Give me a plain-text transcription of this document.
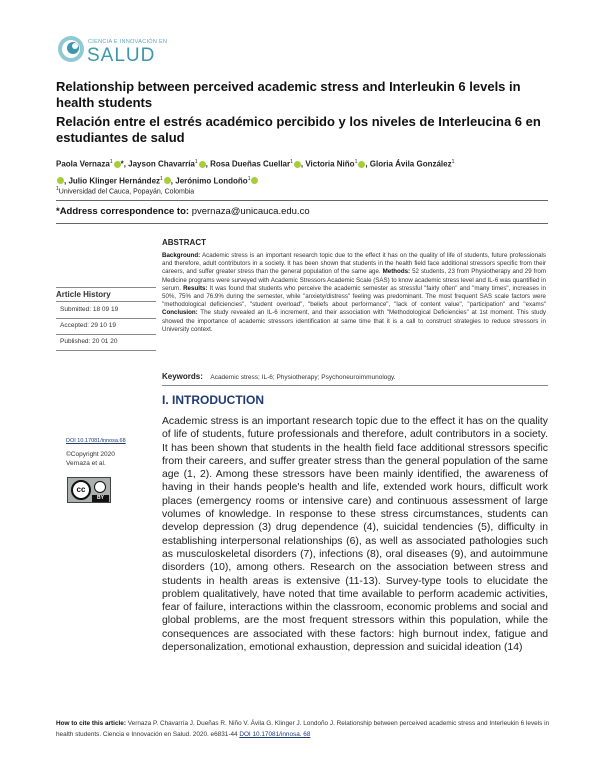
CIENCIA E INNOVACIÓN EN
SALUD
Relationship between perceived academic stress and Interleukin 6 levels in health students
Relación entre el estrés académico percibido y los niveles de Interleucina 6 en estudiantes de salud
Paola Vernaza$^1$ *, Jayson Chavarría$^1$ , Rosa Dueñas Cuellar$^1$ , Victoria Niño$^1$ , Gloria Ávila González$^1$
, Julio Klinger Hernández$^1$ , Jerónimo Londoño$^1$
$^1$Universidad del Cauca, Popayán, Colombia
*Address correspondence to: pvernaza@unicauca.edu.co
ABSTRACT

Background: Academic stress is an important research topic due to the effect it has on the quality of life of students, future professionals and therefore, adult contributors in a society. It has been shown that students in the health field face additional stressors specific from their careers, and suffer greater stress than the general population of the same age. Methods: 52 students, 23 from Physiotherapy and 29 from Medicine programs were surveyed with Academic Stressors Academic Scale (SAS) to know academic stress level and IL-6 was quantified in serum. Results: It was found that students who perceive the academic semester as stressful "fairly often" and "many times", increases in 50%, 75% and 76.9% during the semester, while "anxiety/distress" feeling was predominant. The most frequent SAS scale factors were "methodological deficiencies", "student overload", "beliefs about performance", "lack of content value", "participation" and "exams" Conclusion: The study revealed an IL-6 increment, and their association with "Methodological Deficiencies" at 1st moment. This study showed the importance of academic stressors identification at same time that it is a call to construct strategies to reduce stressors in University context.

Article History
Submitted: 18 09 19
Accepted: 29 10 19
Published: 20 01 20
Keywords: Academic stress; IL-6; Physiotherapy; Psychoneuroimmunology.
I. INTRODUCTION

Academic stress is an important research topic due to the effect it has on the quality of life of students, future professionals and therefore, adult contributors in a society. It has been shown that students in the health field face additional stressors specific from their careers, and suffer greater stress than the general population of the same age (1, 2). Among these stressors have been mainly identified, the awareness of having in their hands people's health and life, extended work hours, difficult work places (emergency rooms or intensive care) and continuous assessment of large volumes of knowledge. In response to these stress circumstances, students can develop depression (3) drug dependence (4), suicidal tendencies (5), difficulty in establishing interpersonal relationships (6), as well as associated pathologies such as musculoskeletal disorders (7), infections (8), oral diseases (9), and autoimmune disorders (10), among others. Research on the association between stress and students in health areas is extensive (11-13). Survey-type tools to elucidate the problem qualitatively, have noted that time available to perform academic activities, fear of failure, interactions within the classroom, economic problems and social and global problems, are the most frequent stressors within this population, while the consequences are associated with these factors: high burnout index, fatigue and depersonalization, emotional exhaustion, depression and suicidal ideation (14)

DOI 10.17081/innosa.68
©Copyright 2020
Vernaza et al.
cc
BY
How to cite this article: Vernaza P. Chavarría J. Dueñas R. Niño V. Ávila G. Klinger J. Londoño J. Relationship between perceived academic stress and Interleukin 6 levels in health students. Ciencia e Innovación en Salud. 2020. e6831-44 DOI 10.17081/innosa. 68
